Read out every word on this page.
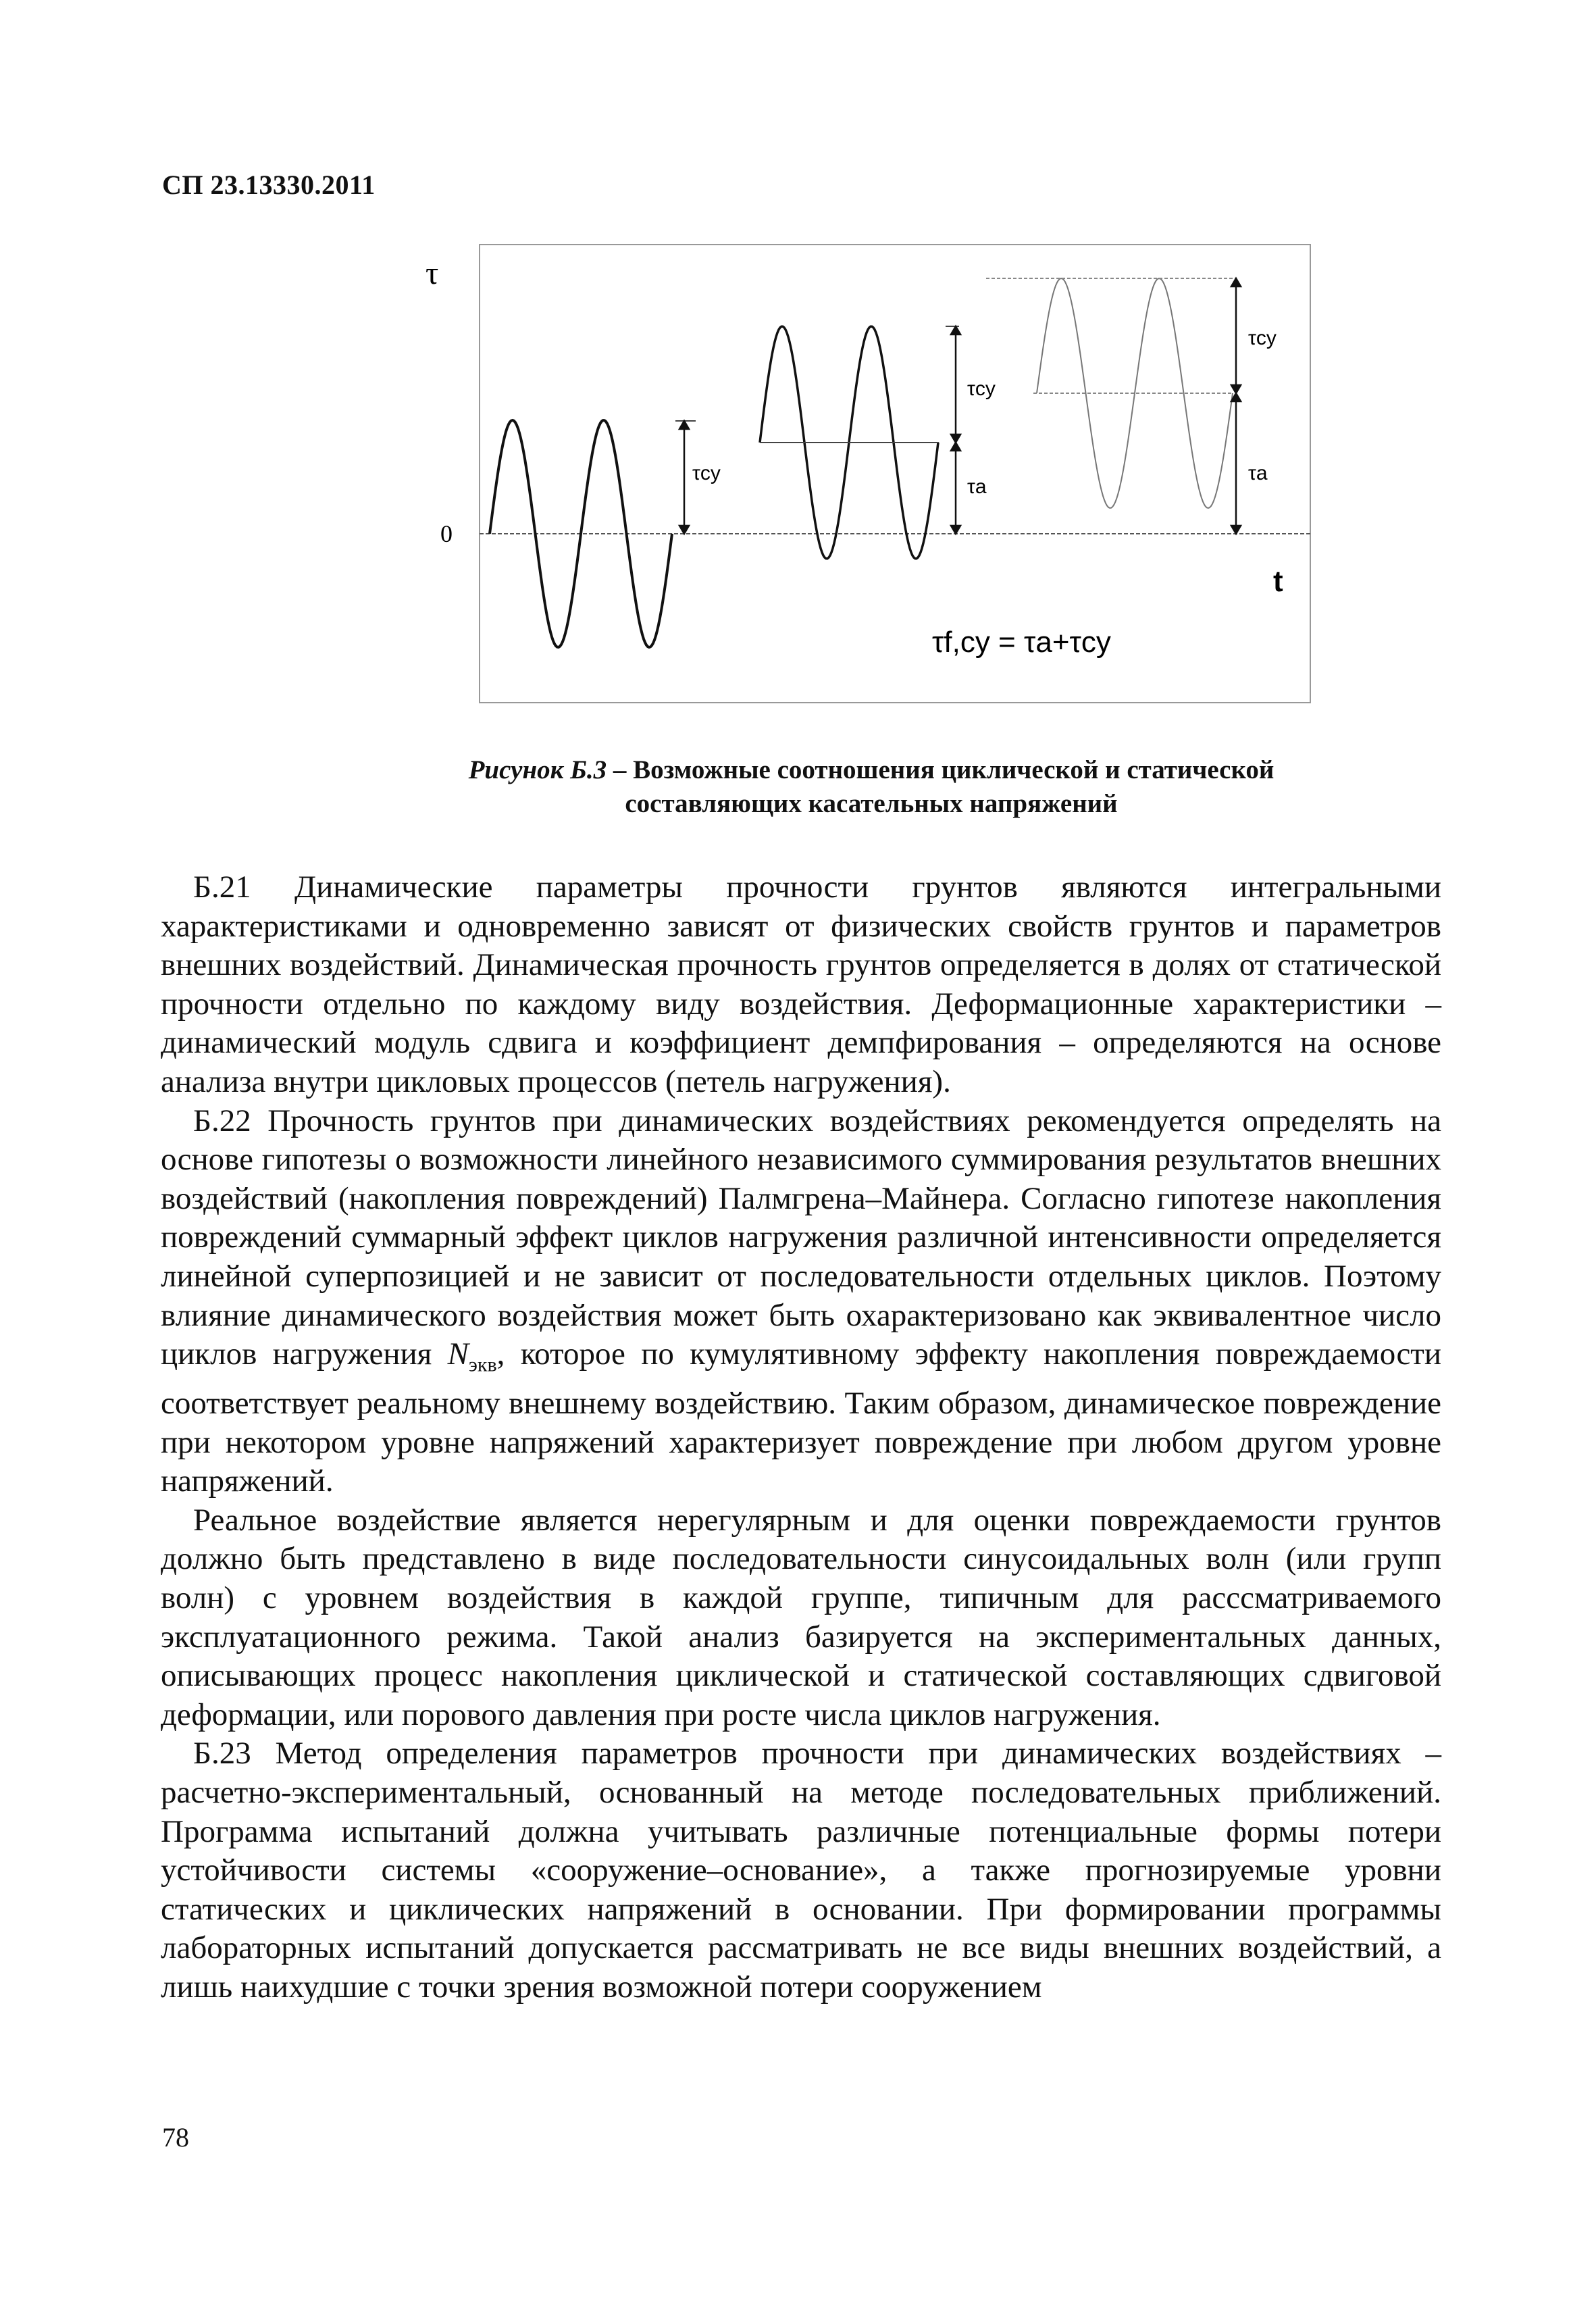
СП 23.13330.2011
τ
0
t
τcy
τcy
τa
τcy
τa
τf,cy = τa+τcy
Рисунок Б.3 – Возможные соотношения циклической и статической
составляющих касательных напряжений

Б.21 Динамические параметры прочности грунтов являются интегральными характеристиками и одновременно зависят от физических свойств грунтов и параметров внешних воздействий. Динамическая прочность грунтов определяется в долях от статической прочности отдельно по каждому виду воздействия. Деформационные характеристики – динамический модуль сдвига и коэффициент демпфирования – определяются на основе анализа внутри цикловых процессов (петель нагружения).

Б.22 Прочность грунтов при динамических воздействиях рекомендуется определять на основе гипотезы о возможности линейного независимого суммирования результатов внешних воздействий (накопления повреждений) Палмгрена–Майнера. Согласно гипотезе накопления повреждений суммарный эффект циклов нагружения различной интенсивности определяется линейной суперпозицией и не зависит от последовательности отдельных циклов. Поэтому влияние динамического воздействия может быть охарактеризовано как эквивалентное число циклов нагружения $N_{экв}$, которое по кумулятивному эффекту накопления повреждаемости соответствует реальному внешнему воздействию. Таким образом, динамическое повреждение при некотором уровне напряжений характеризует повреждение при любом другом уровне напряжений.

Реальное воздействие является нерегулярным и для оценки повреждаемости грунтов должно быть представлено в виде последовательности синусоидальных волн (или групп волн) с уровнем воздействия в каждой группе, типичным для рассcматриваемого эксплуатационного режима. Такой анализ базируется на экспериментальных данных, описывающих процесс накопления циклической и статической составляющих сдвиговой деформации, или порового давления при росте числа циклов нагружения.

Б.23 Метод определения параметров прочности при динамических воздействиях – расчетно-экспериментальный, основанный на методе последовательных приближений. Программа испытаний должна учитывать различные потенциальные формы потери устойчивости системы «сооружение–основание», а также прогнозируемые уровни статических и циклических напряжений в основании. При формировании программы лабораторных испытаний допускается рассматривать не все виды внешних воздействий, а лишь наихудшие с точки зрения возможной потери сооружением

78
